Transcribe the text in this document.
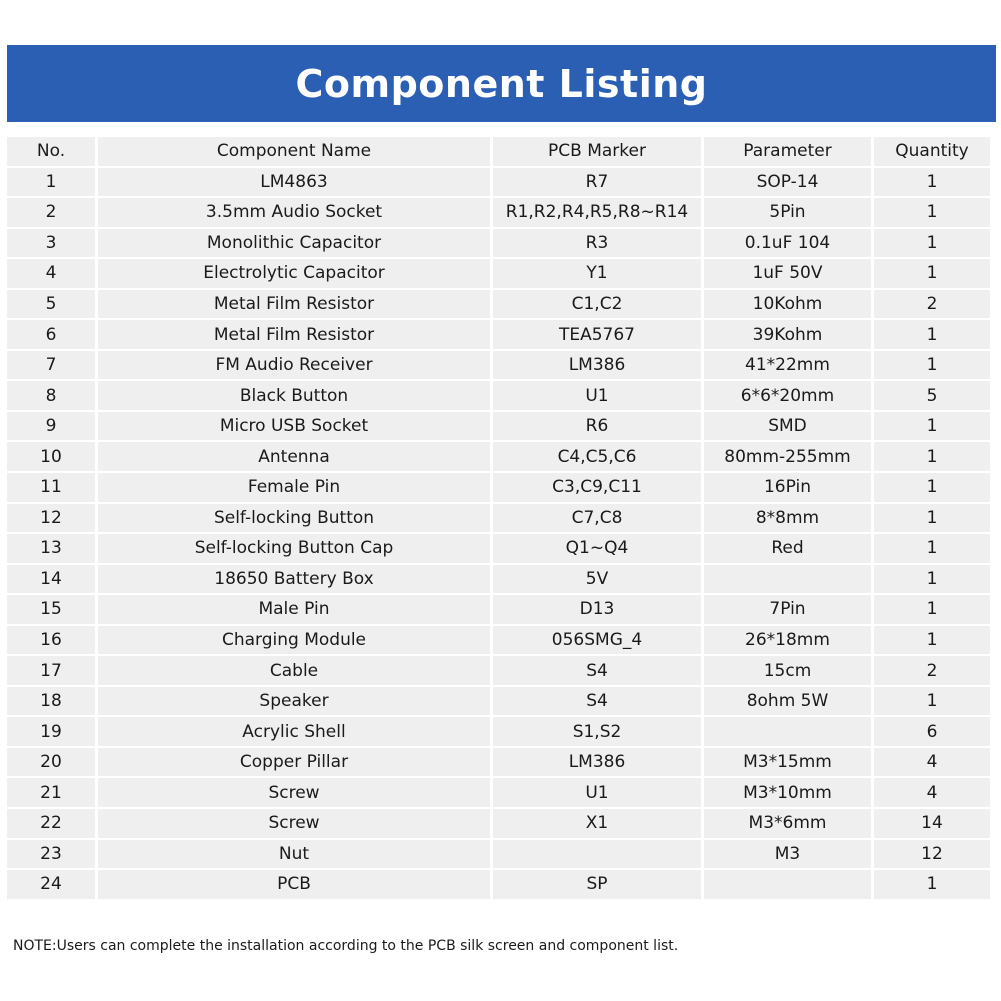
Component Listing
No.	Component Name	PCB Marker	Parameter	Quantity
1	LM4863	R7	SOP-14	1
2	3.5mm Audio Socket	R1,R2,R4,R5,R8~R14	5Pin	1
3	Monolithic Capacitor	R3	0.1uF 104	1
4	Electrolytic Capacitor	Y1	1uF 50V	1
5	Metal Film Resistor	C1,C2	10Kohm	2
6	Metal Film Resistor	TEA5767	39Kohm	1
7	FM Audio Receiver	LM386	41*22mm	1
8	Black Button	U1	6*6*20mm	5
9	Micro USB Socket	R6	SMD	1
10	Antenna	C4,C5,C6	80mm-255mm	1
11	Female Pin	C3,C9,C11	16Pin	1
12	Self-locking Button	C7,C8	8*8mm	1
13	Self-locking Button Cap	Q1~Q4	Red	1
14	18650 Battery Box	5V		1
15	Male Pin	D13	7Pin	1
16	Charging Module	056SMG_4	26*18mm	1
17	Cable	S4	15cm	2
18	Speaker	S4	8ohm 5W	1
19	Acrylic Shell	S1,S2		6
20	Copper Pillar	LM386	M3*15mm	4
21	Screw	U1	M3*10mm	4
22	Screw	X1	M3*6mm	14
23	Nut		M3	12
24	PCB	SP		1
NOTE:Users can complete the installation according to the PCB silk screen and component list.
